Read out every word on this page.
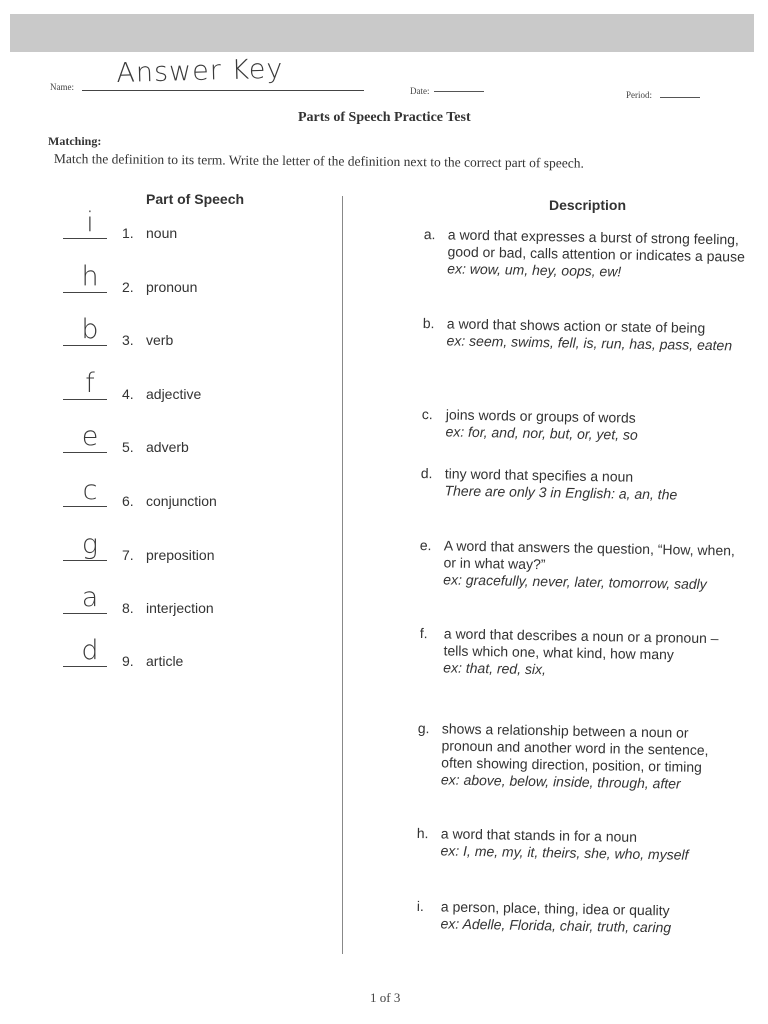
Name: Answer Key
Date:	Period:
Parts of Speech Practice Test
Matching:
Match the definition to its term. Write the letter of the definition next to the correct part of speech.
Part of Speech	Description
i	1. noun
h	2. pronoun
b	3. verb
f	4. adjective
e	5. adverb
c	6. conjunction
g	7. preposition
a	8. interjection
d	9. article
a. a word that expresses a burst of strong feeling, good or bad, calls attention or indicates a pause
ex: wow, um, hey, oops, ew!
b. a word that shows action or state of being
ex: seem, swims, fell, is, run, has, pass, eaten
c. joins words or groups of words
ex: for, and, nor, but, or, yet, so
d. tiny word that specifies a noun
There are only 3 in English: a, an, the
e. A word that answers the question, “How, when, or in what way?”
ex: gracefully, never, later, tomorrow, sadly
f. a word that describes a noun or a pronoun – tells which one, what kind, how many
ex: that, red, six,
g. shows a relationship between a noun or pronoun and another word in the sentence, often showing direction, position, or timing
ex: above, below, inside, through, after
h. a word that stands in for a noun
ex: I, me, my, it, theirs, she, who, myself
i. a person, place, thing, idea or quality
ex: Adelle, Florida, chair, truth, caring
1 of 3
